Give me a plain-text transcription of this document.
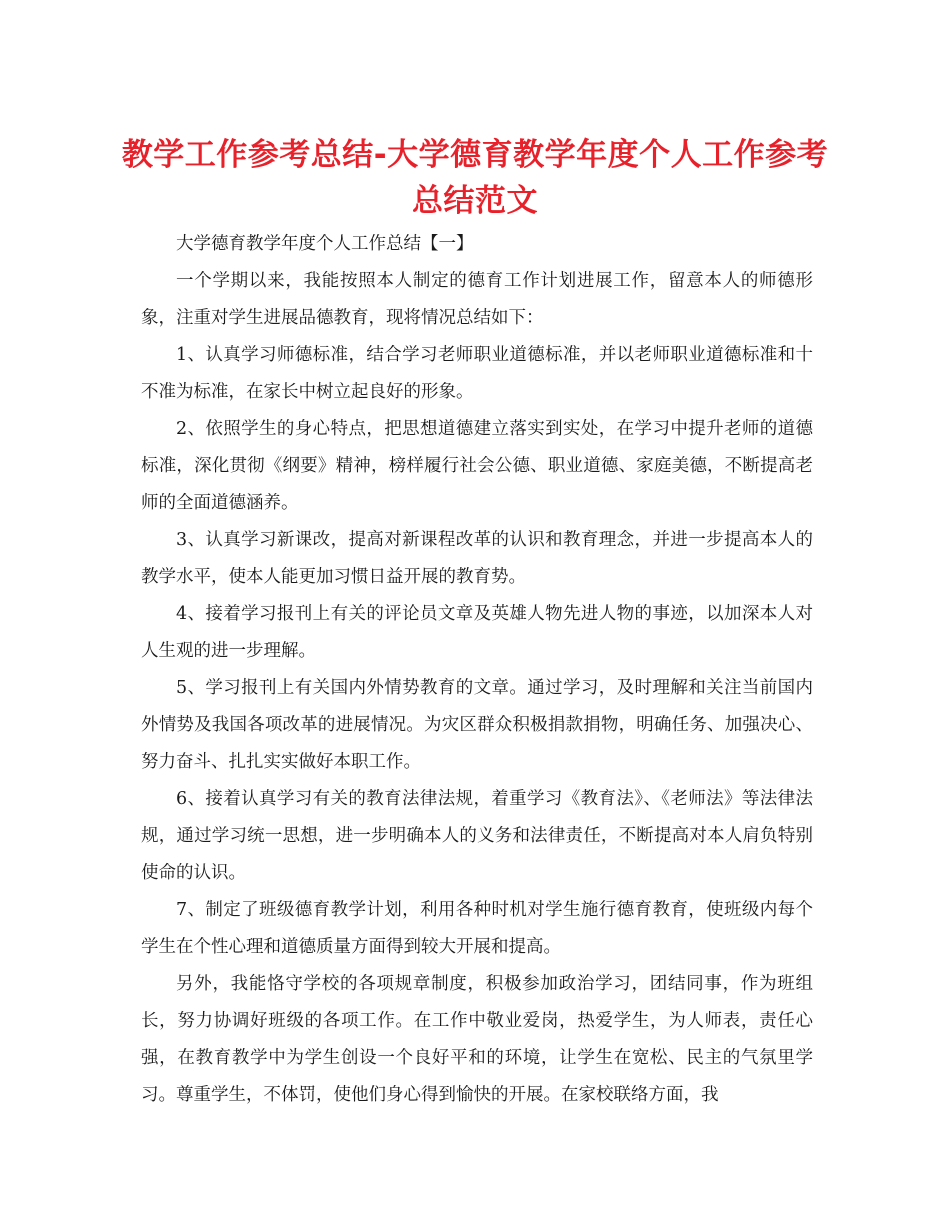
教学工作参考总结-大学德育教学年度个人工作参考总结范文

大学德育教学年度个人工作总结【一】

一个学期以来，我能按照本人制定的德育工作计划进展工作，留意本人的师德形象，注重对学生进展品德教育，现将情况总结如下：

1、认真学习师德标准，结合学习老师职业道德标准，并以老师职业道德标准和十不准为标准，在家长中树立起良好的形象。

2、依照学生的身心特点，把思想道德建立落实到实处，在学习中提升老师的道德标准，深化贯彻《纲要》精神，榜样履行社会公德、职业道德、家庭美德，不断提高老师的全面道德涵养。

3、认真学习新课改，提高对新课程改革的认识和教育理念，并进一步提高本人的教学水平，使本人能更加习惯日益开展的教育势。

4、接着学习报刊上有关的评论员文章及英雄人物先进人物的事迹，以加深本人对人生观的进一步理解。

5、学习报刊上有关国内外情势教育的文章。通过学习，及时理解和关注当前国内外情势及我国各项改革的进展情况。为灾区群众积极捐款捐物，明确任务、加强决心、努力奋斗、扎扎实实做好本职工作。

6、接着认真学习有关的教育法律法规，着重学习《教育法》、《老师法》等法律法规，通过学习统一思想，进一步明确本人的义务和法律责任，不断提高对本人肩负特别使命的认识。

7、制定了班级德育教学计划，利用各种时机对学生施行德育教育，使班级内每个学生在个性心理和道德质量方面得到较大开展和提高。

另外，我能恪守学校的各项规章制度，积极参加政治学习，团结同事，作为班组长，努力协调好班级的各项工作。在工作中敬业爱岗，热爱学生，为人师表，责任心强，在教育教学中为学生创设一个良好平和的环境，让学生在宽松、民主的气氛里学习。尊重学生，不体罚，使他们身心得到愉快的开展。在家校联络方面，我
